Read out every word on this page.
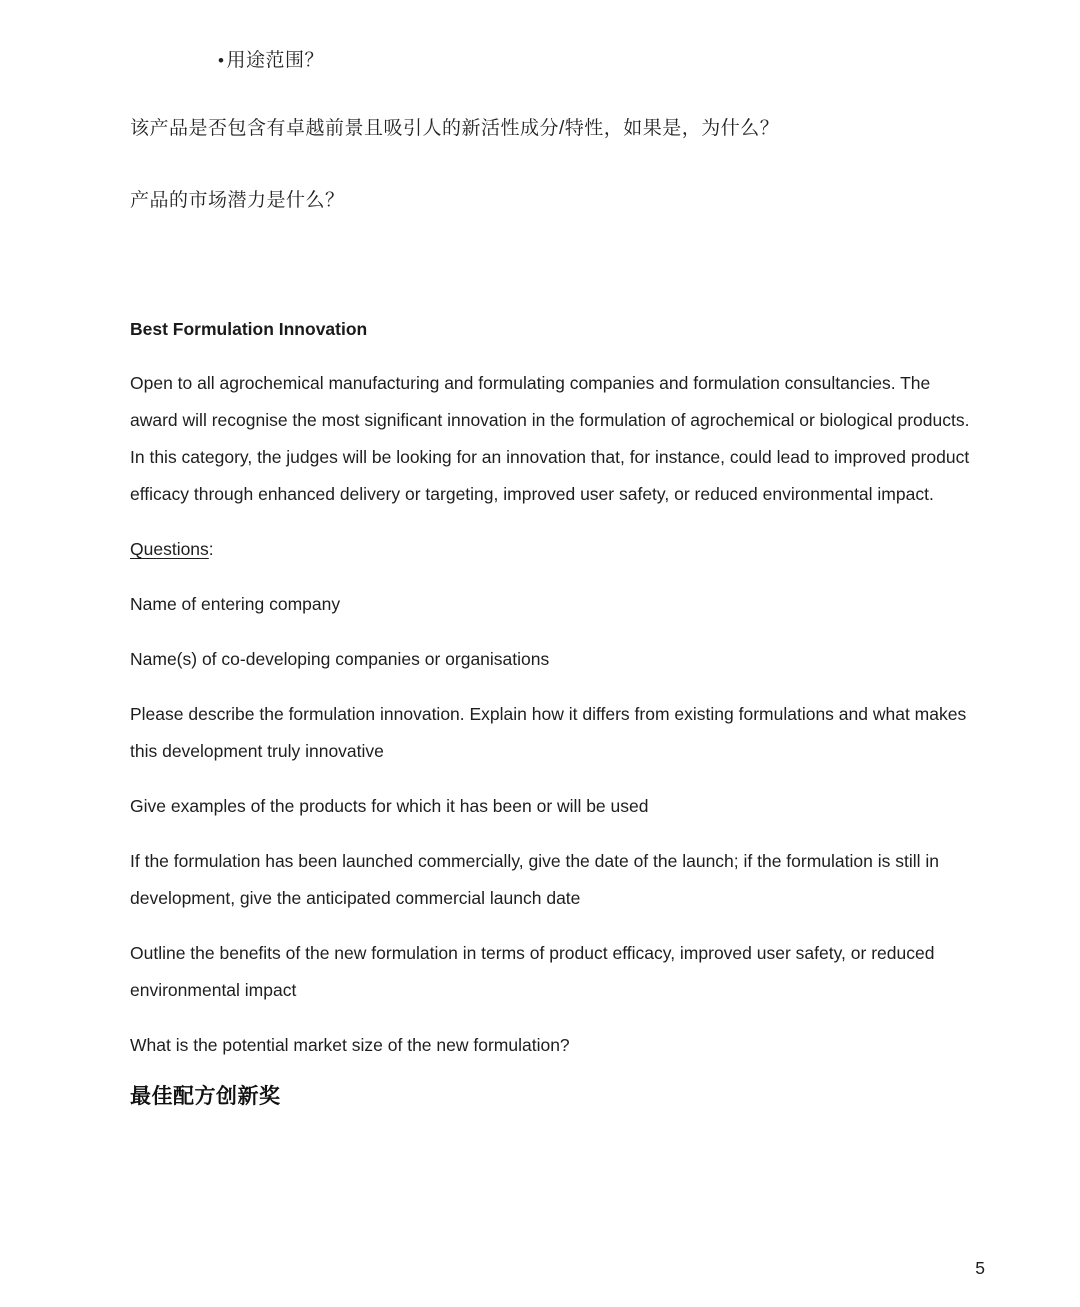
• 用途范围？
该产品是否包含有卓越前景且吸引人的新活性成分/特性，如果是，为什么？
产品的市场潜力是什么？
Best Formulation Innovation

Open to all agrochemical manufacturing and formulating companies and formulation consultancies. The award will recognise the most significant innovation in the formulation of agrochemical or biological products. In this category, the judges will be looking for an innovation that, for instance, could lead to improved product efficacy through enhanced delivery or targeting, improved user safety, or reduced environmental impact.

Questions:

Name of entering company

Name(s) of co-developing companies or organisations

Please describe the formulation innovation. Explain how it differs from existing formulations and what makes this development truly innovative

Give examples of the products for which it has been or will be used

If the formulation has been launched commercially, give the date of the launch; if the formulation is still in development, give the anticipated commercial launch date

Outline the benefits of the new formulation in terms of product efficacy, improved user safety, or reduced environmental impact

What is the potential market size of the new formulation?

最佳配方创新奖
5
